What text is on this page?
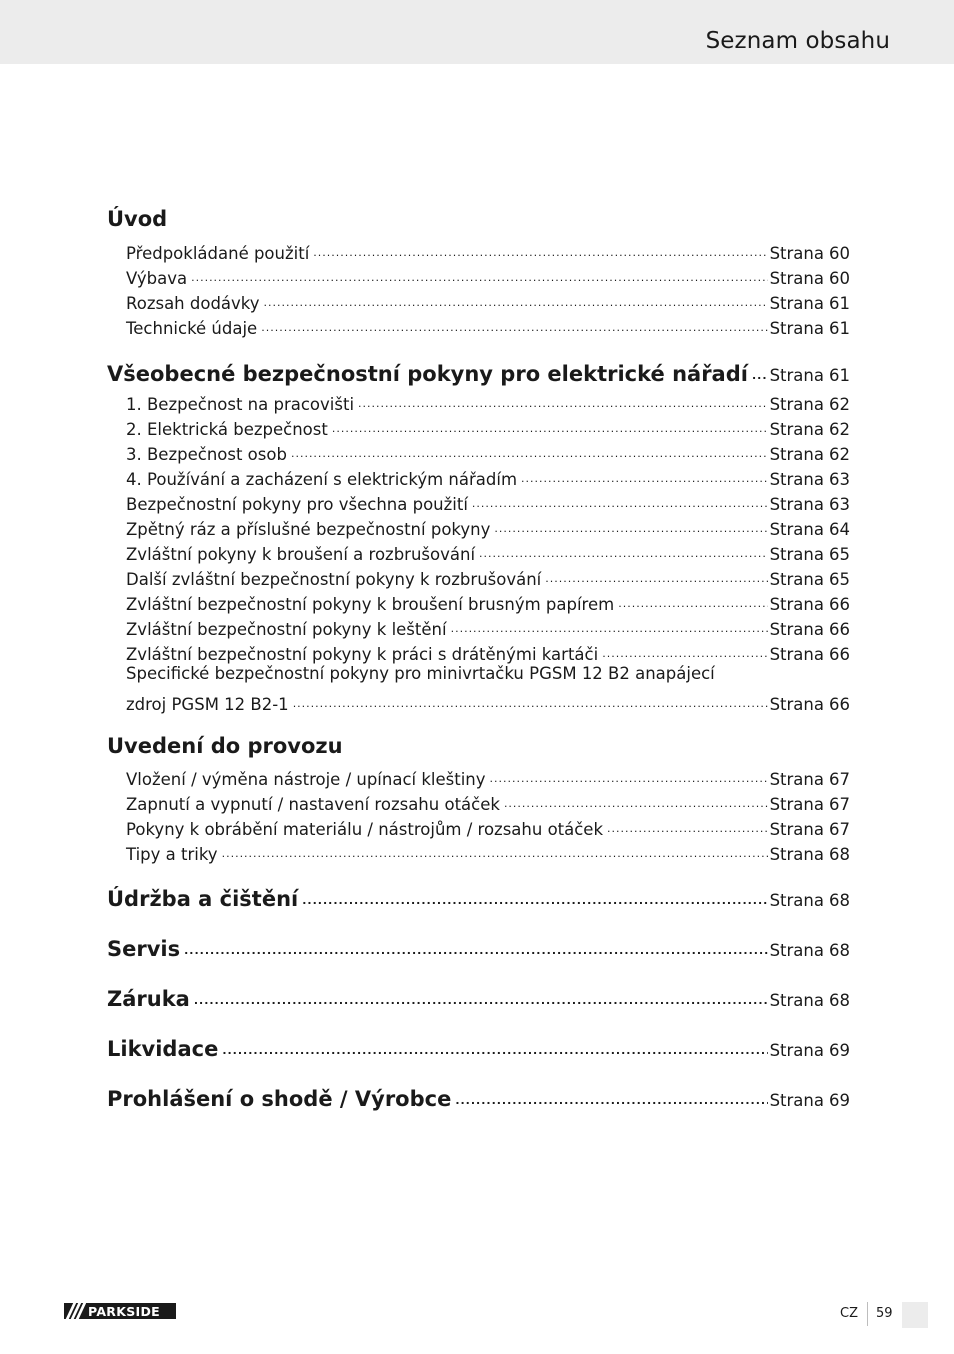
Seznam obsahu
Úvod
Předpokládané použití .....	Strana 60
Výbava .....	Strana 60
Rozsah dodávky .....	Strana 61
Technické údaje .....	Strana 61
Všeobecné bezpečnostní pokyny pro elektrické nářadí ..... Strana 61
1. Bezpečnost na pracovišti .....	Strana 62
2. Elektrická bezpečnost .....	Strana 62
3. Bezpečnost osob .....	Strana 62
4. Používání a zacházení s elektrickým nářadím .....	Strana 63
Bezpečnostní pokyny pro všechna použití .....	Strana 63
Zpětný ráz a příslušné bezpečnostní pokyny .....	Strana 64
Zvláštní pokyny k broušení a rozbrušování .....	Strana 65
Další zvláštní bezpečnostní pokyny k rozbrušování .....	Strana 65
Zvláštní bezpečnostní pokyny k broušení brusným papírem .....	Strana 66
Zvláštní bezpečnostní pokyny k leštění .....	Strana 66
Zvláštní bezpečnostní pokyny k práci s drátěnými kartáči .....	Strana 66
Specifické bezpečnostní pokyny pro minivrtačku PGSM 12 B2 anapájecí
zdroj PGSM 12 B2-1 .....	Strana 66
Uvedení do provozu
Vložení / výměna nástroje / upínací kleštiny .....	Strana 67
Zapnutí a vypnutí / nastavení rozsahu otáček .....	Strana 67
Pokyny k obrábění materiálu / nástrojům / rozsahu otáček .....	Strana 67
Tipy a triky .....	Strana 68
Údržba a čištění .....	Strana 68
Servis .....	Strana 68
Záruka .....	Strana 68
Likvidace .....	Strana 69
Prohlášení o shodě / Výrobce .....	Strana 69
PARKSIDE	CZ 59
